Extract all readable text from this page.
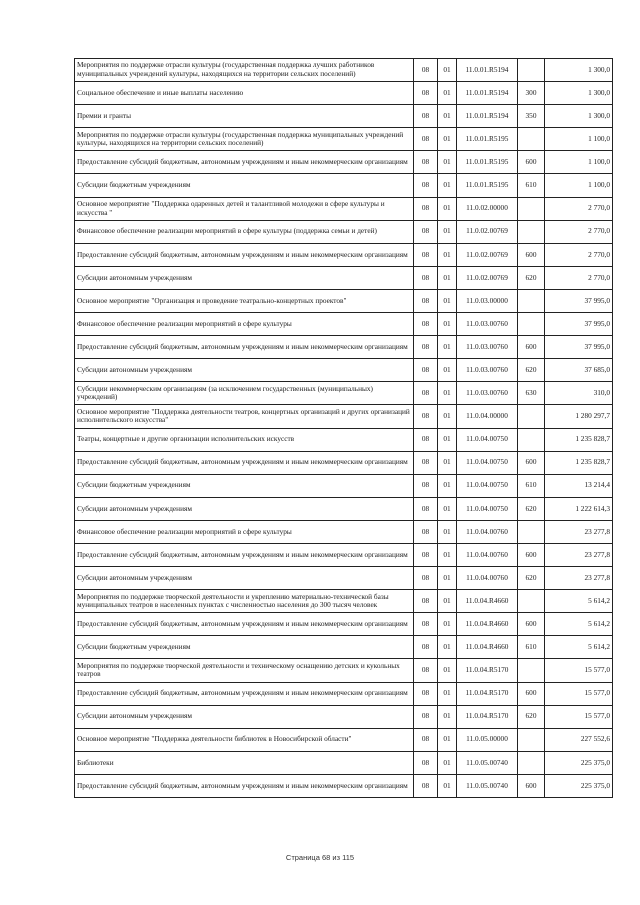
Мероприятия по поддержке отрасли культуры (государственная поддержка лучших работников муниципальных учреждений культуры, находящихся на территории сельских поселений)	08	01	11.0.01.R5194		1 300,0
Социальное обеспечение и иные выплаты населению	08	01	11.0.01.R5194	300	1 300,0
Премии и гранты	08	01	11.0.01.R5194	350	1 300,0
Мероприятия по поддержке отрасли культуры (государственная поддержка муниципальных учреждений культуры, находящихся на территории сельских поселений)	08	01	11.0.01.R5195		1 100,0
Предоставление субсидий бюджетным, автономным учреждениям и иным некоммерческим организациям	08	01	11.0.01.R5195	600	1 100,0
Субсидии бюджетным учреждениям	08	01	11.0.01.R5195	610	1 100,0
Основное мероприятие "Поддержка одаренных детей и талантливой молодежи в сфере культуры и искусства "	08	01	11.0.02.00000		2 770,0
Финансовое обеспечение реализации мероприятий в сфере культуры (поддержка семьи и детей)	08	01	11.0.02.00769		2 770,0
Предоставление субсидий бюджетным, автономным учреждениям и иным некоммерческим организациям	08	01	11.0.02.00769	600	2 770,0
Субсидии автономным учреждениям	08	01	11.0.02.00769	620	2 770,0
Основное мероприятие "Организация и проведение театрально-концертных проектов"	08	01	11.0.03.00000		37 995,0
Финансовое обеспечение реализации мероприятий в сфере культуры	08	01	11.0.03.00760		37 995,0
Предоставление субсидий бюджетным, автономным учреждениям и иным некоммерческим организациям	08	01	11.0.03.00760	600	37 995,0
Субсидии автономным учреждениям	08	01	11.0.03.00760	620	37 685,0
Субсидии некоммерческим организациям (за исключением государственных (муниципальных) учреждений)	08	01	11.0.03.00760	630	310,0
Основное мероприятие "Поддержка деятельности театров, концертных организаций и других организаций исполнительского искусства"	08	01	11.0.04.00000		1 280 297,7
Театры, концертные и другие организации исполнительских искусств	08	01	11.0.04.00750		1 235 828,7
Предоставление субсидий бюджетным, автономным учреждениям и иным некоммерческим организациям	08	01	11.0.04.00750	600	1 235 828,7
Субсидии бюджетным учреждениям	08	01	11.0.04.00750	610	13 214,4
Субсидии автономным учреждениям	08	01	11.0.04.00750	620	1 222 614,3
Финансовое обеспечение реализации мероприятий в сфере культуры	08	01	11.0.04.00760		23 277,8
Предоставление субсидий бюджетным, автономным учреждениям и иным некоммерческим организациям	08	01	11.0.04.00760	600	23 277,8
Субсидии автономным учреждениям	08	01	11.0.04.00760	620	23 277,8
Мероприятия по поддержке творческой деятельности и укреплению материально-технической базы муниципальных театров в населенных пунктах с численностью населения до 300 тысяч человек	08	01	11.0.04.R4660		5 614,2
Предоставление субсидий бюджетным, автономным учреждениям и иным некоммерческим организациям	08	01	11.0.04.R4660	600	5 614,2
Субсидии бюджетным учреждениям	08	01	11.0.04.R4660	610	5 614,2
Мероприятия по поддержке творческой деятельности и техническому оснащению детских и кукольных театров	08	01	11.0.04.R5170		15 577,0
Предоставление субсидий бюджетным, автономным учреждениям и иным некоммерческим организациям	08	01	11.0.04.R5170	600	15 577,0
Субсидии автономным учреждениям	08	01	11.0.04.R5170	620	15 577,0
Основное мероприятие "Поддержка деятельности библиотек в Новосибирской области"	08	01	11.0.05.00000		227 552,6
Библиотеки	08	01	11.0.05.00740		225 375,0
Предоставление субсидий бюджетным, автономным учреждениям и иным некоммерческим организациям	08	01	11.0.05.00740	600	225 375,0
Страница 68 из 115
